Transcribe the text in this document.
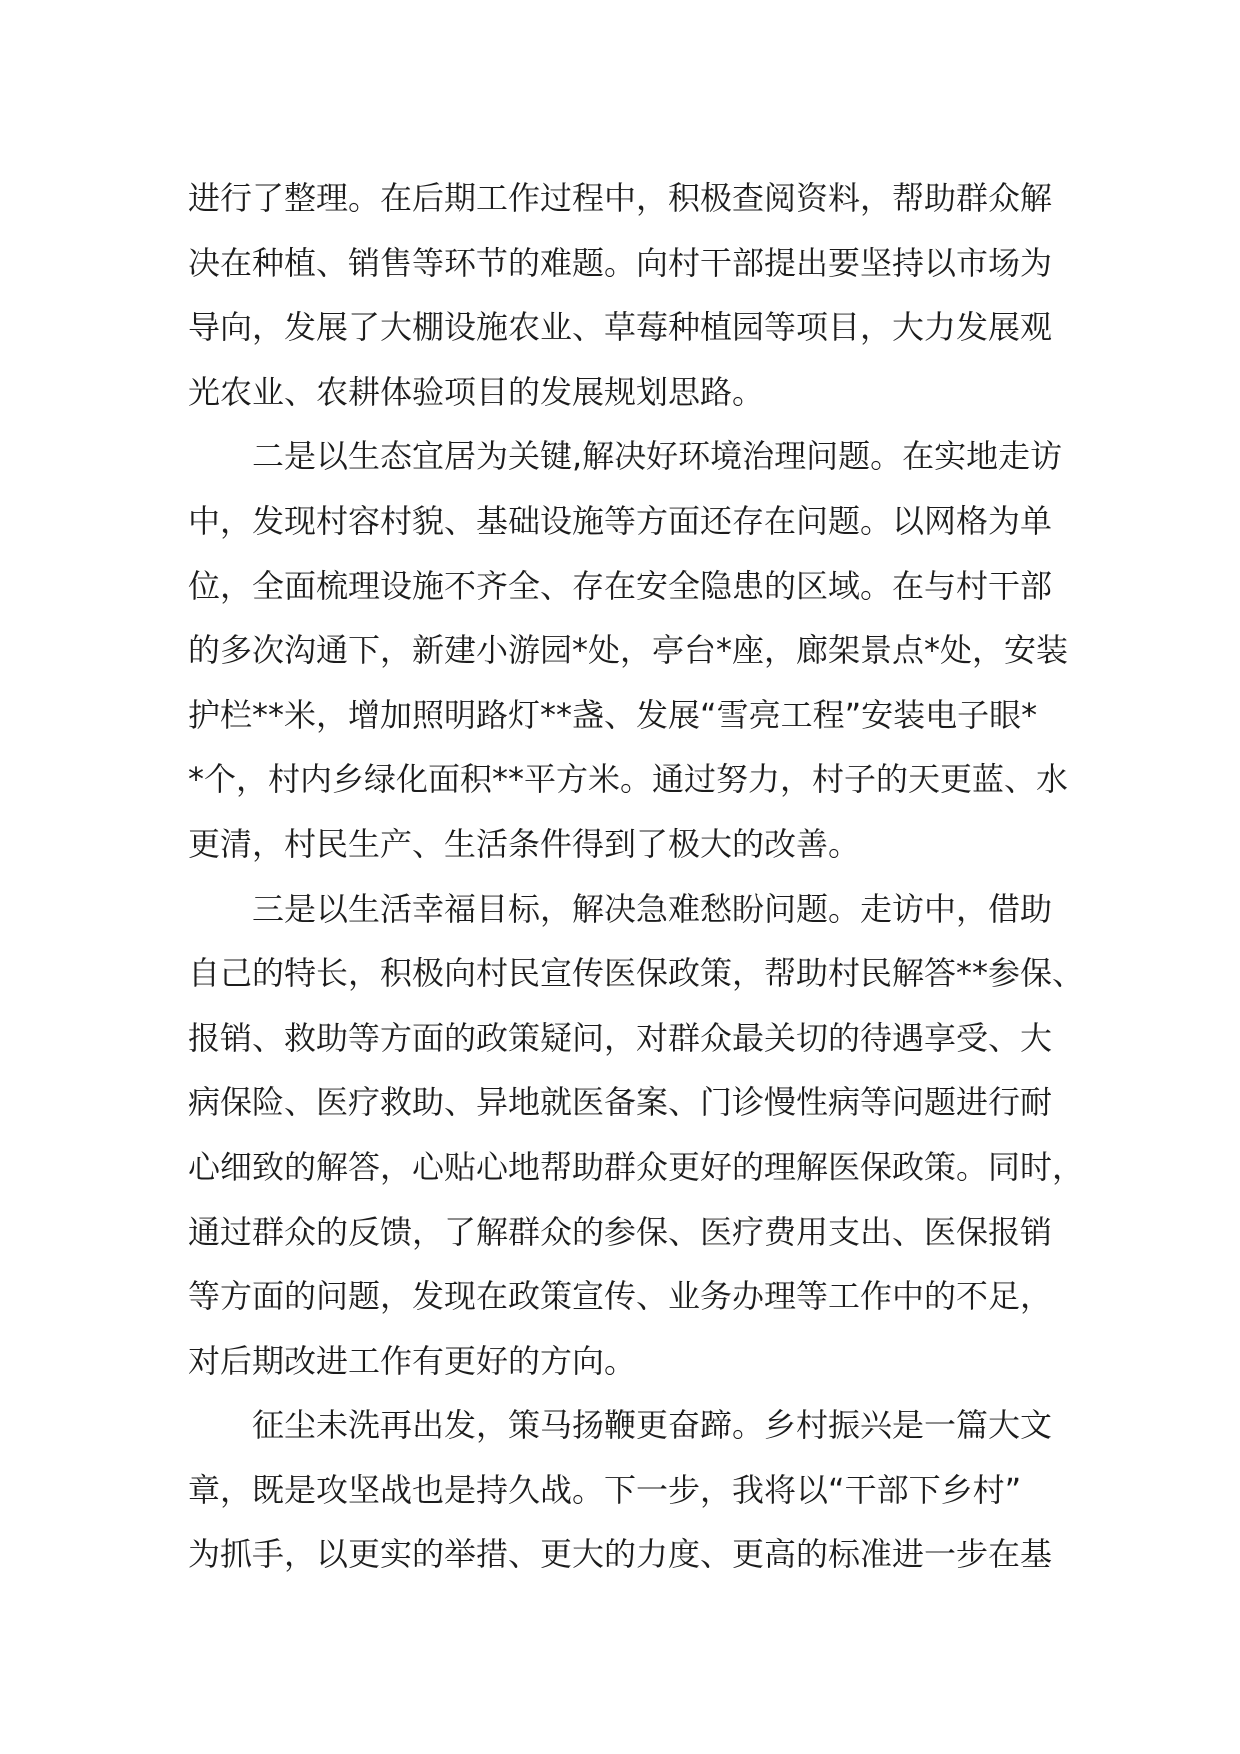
进行了整理。在后期工作过程中，积极查阅资料，帮助群众解
决在种植、销售等环节的难题。向村干部提出要坚持以市场为
导向，发展了大棚设施农业、草莓种植园等项目，大力发展观
光农业、农耕体验项目的发展规划思路。
二是以生态宜居为关键,解决好环境治理问题。在实地走访
中，发现村容村貌、基础设施等方面还存在问题。以网格为单
位，全面梳理设施不齐全、存在安全隐患的区域。在与村干部
的多次沟通下，新建小游园*处，亭台*座，廊架景点*处，安装
护栏**米，增加照明路灯**盏、发展“雪亮工程”安装电子眼*
*个，村内乡绿化面积**平方米。通过努力，村子的天更蓝、水
更清，村民生产、生活条件得到了极大的改善。
三是以生活幸福目标，解决急难愁盼问题。走访中，借助
自己的特长，积极向村民宣传医保政策，帮助村民解答**参保、
报销、救助等方面的政策疑问，对群众最关切的待遇享受、大
病保险、医疗救助、异地就医备案、门诊慢性病等问题进行耐
心细致的解答，心贴心地帮助群众更好的理解医保政策。同时，
通过群众的反馈，了解群众的参保、医疗费用支出、医保报销
等方面的问题，发现在政策宣传、业务办理等工作中的不足，
对后期改进工作有更好的方向。
征尘未洗再出发，策马扬鞭更奋蹄。乡村振兴是一篇大文
章，既是攻坚战也是持久战。下一步，我将以“干部下乡村”
为抓手，以更实的举措、更大的力度、更高的标准进一步在基
